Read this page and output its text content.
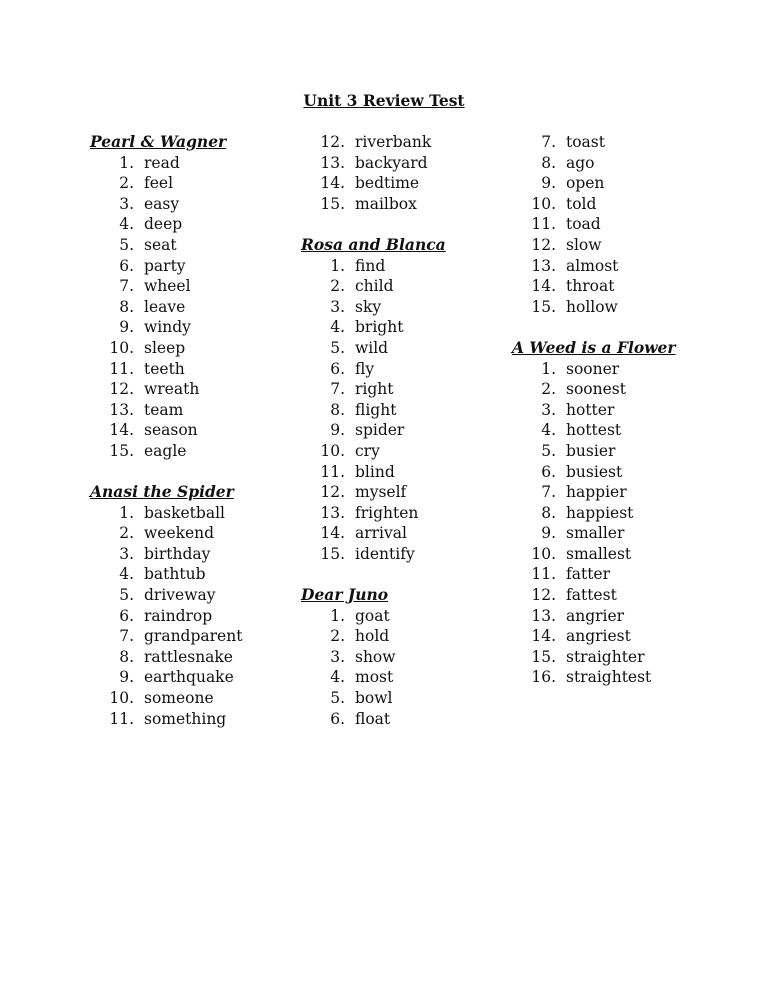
Unit 3 Review Test
Pearl & Wagner
1. read
2. feel
3. easy
4. deep
5. seat
6. party
7. wheel
8. leave
9. windy
10. sleep
11. teeth
12. wreath
13. team
14. season
15. eagle
Anasi the Spider
1. basketball
2. weekend
3. birthday
4. bathtub
5. driveway
6. raindrop
7. grandparent
8. rattlesnake
9. earthquake
10. someone
11. something
12. riverbank
13. backyard
14. bedtime
15. mailbox
Rosa and Blanca
1. find
2. child
3. sky
4. bright
5. wild
6. fly
7. right
8. flight
9. spider
10. cry
11. blind
12. myself
13. frighten
14. arrival
15. identify
Dear Juno
1. goat
2. hold
3. show
4. most
5. bowl
6. float
7. toast
8. ago
9. open
10. told
11. toad
12. slow
13. almost
14. throat
15. hollow
A Weed is a Flower
1. sooner
2. soonest
3. hotter
4. hottest
5. busier
6. busiest
7. happier
8. happiest
9. smaller
10. smallest
11. fatter
12. fattest
13. angrier
14. angriest
15. straighter
16. straightest
